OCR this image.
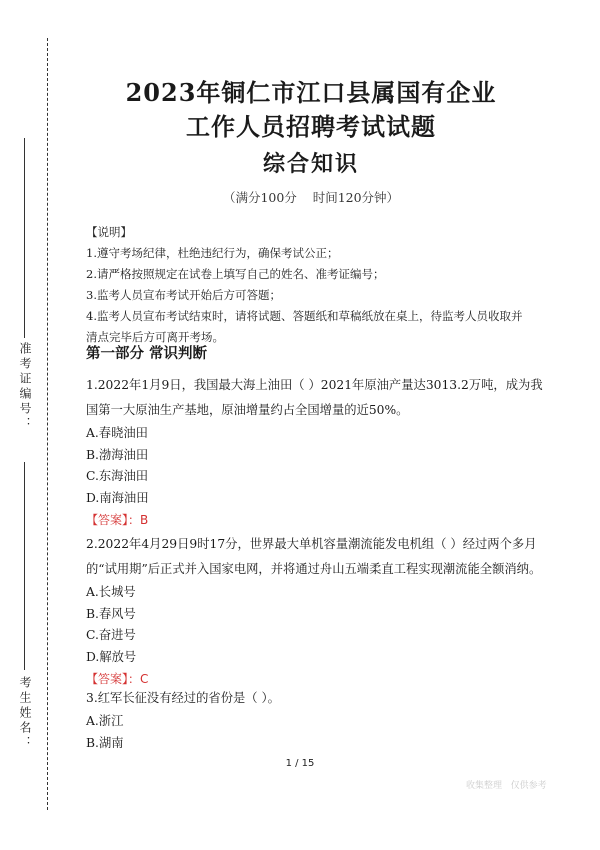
准考证编号：
考生姓名：
2023年铜仁市江口县属国有企业
工作人员招聘考试试题
综合知识
（满分100分    时间120分钟）
【说明】
1.遵守考场纪律，杜绝违纪行为，确保考试公正；
2.请严格按照规定在试卷上填写自己的姓名、准考证编号；
3.监考人员宣布考试开始后方可答题；
4.监考人员宣布考试结束时，请将试题、答题纸和草稿纸放在桌上，待监考人员收取并
清点完毕后方可离开考场。
第一部分 常识判断
1.2022年1月9日，我国最大海上油田（ ）2021年原油产量达3013.2万吨，成为我国第一大原油生产基地，原油增量约占全国增量的近50%。
A.春晓油田
B.渤海油田
C.东海油田
D.南海油田
【答案】：B
2.2022年4月29日9时17分，世界最大单机容量潮流能发电机组（ ）经过两个多月的“试用期”后正式并入国家电网，并将通过舟山五端柔直工程实现潮流能全额消纳。
A.长城号
B.春风号
C.奋进号
D.解放号
【答案】：C
3.红军长征没有经过的省份是（ ）。
A.浙江
B.湖南
1 / 15
收集整理   仅供参考
